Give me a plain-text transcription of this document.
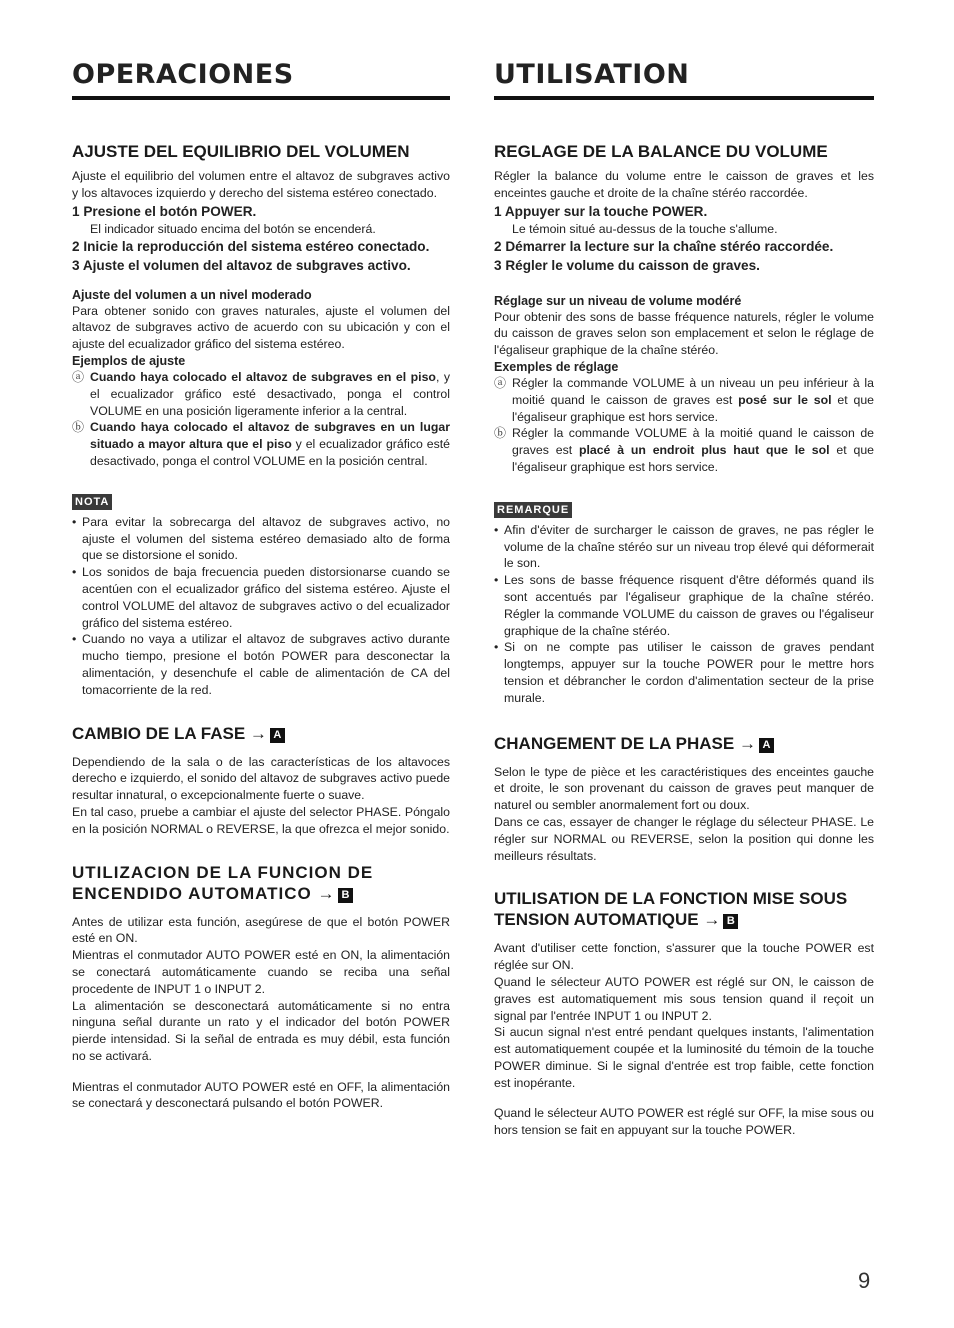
OPERACIONES
AJUSTE DEL EQUILIBRIO DEL VOLUMEN

Ajuste el equilibrio del volumen entre el altavoz de subgraves activo y los altavoces izquierdo y derecho del sistema estéreo conectado.

1 Presione el botón POWER.

El indicador situado encima del botón se encenderá.

2 Inicie la reproducción del sistema estéreo conectado.

3 Ajuste el volumen del altavoz de subgraves activo.

Ajuste del volumen a un nivel moderado

Para obtener sonido con graves naturales, ajuste el volumen del altavoz de subgraves activo de acuerdo con su ubicación y con el ajuste del ecualizador gráfico del sistema estéreo.

Ejemplos de ajuste

ⓐ Cuando haya colocado el altavoz de subgraves en el piso, y el ecualizador gráfico esté desactivado, ponga el control VOLUME en una posición ligeramente inferior a la central.

ⓑ Cuando haya colocado el altavoz de subgraves en un lugar situado a mayor altura que el piso y el ecualizador gráfico esté desactivado, ponga el control VOLUME en la posición central.

NOTA

• Para evitar la sobrecarga del altavoz de subgraves activo, no ajuste el volumen del sistema estéreo demasiado alto de forma que se distorsione el sonido.

• Los sonidos de baja frecuencia pueden distorsionarse cuando se acentúen con el ecualizador gráfico del sistema estéreo. Ajuste el control VOLUME del altavoz de subgraves activo o del ecualizador gráfico del sistema estéreo.

• Cuando no vaya a utilizar el altavoz de subgraves activo durante mucho tiempo, presione el botón POWER para desconectar la alimentación, y desenchufe el cable de alimentación de CA del tomacorriente de la red.

CAMBIO DE LA FASE → A

Dependiendo de la sala o de las características de los altavoces derecho e izquierdo, el sonido del altavoz de subgraves activo puede resultar innatural, o excepcionalmente fuerte o suave.

En tal caso, pruebe a cambiar el ajuste del selector PHASE. Póngalo en la posición NORMAL o REVERSE, la que ofrezca el mejor sonido.

UTILIZACION DE LA FUNCION DE ENCENDIDO AUTOMATICO → B

Antes de utilizar esta función, asegúrese de que el botón POWER esté en ON.

Mientras el conmutador AUTO POWER esté en ON, la alimentación se conectará automáticamente cuando se reciba una señal procedente de INPUT 1 o INPUT 2.

La alimentación se desconectará automáticamente si no entra ninguna señal durante un rato y el indicador del botón POWER pierde intensidad. Si la señal de entrada es muy débil, esta función no se activará.

Mientras el conmutador AUTO POWER esté en OFF, la alimentación se conectará y desconectará pulsando el botón POWER.

UTILISATION
REGLAGE DE LA BALANCE DU VOLUME

Régler la balance du volume entre le caisson de graves et les enceintes gauche et droite de la chaîne stéréo raccordée.

1 Appuyer sur la touche POWER.

Le témoin situé au-dessus de la touche s'allume.

2 Démarrer la lecture sur la chaîne stéréo raccordée.

3 Régler le volume du caisson de graves.

Réglage sur un niveau de volume modéré

Pour obtenir des sons de basse fréquence naturels, régler le volume du caisson de graves selon son emplacement et selon le réglage de l'égaliseur graphique de la chaîne stéréo.

Exemples de réglage

ⓐ Régler la commande VOLUME à un niveau un peu inférieur à la moitié quand le caisson de graves est posé sur le sol et que l'égaliseur graphique est hors service.

ⓑ Régler la commande VOLUME à la moitié quand le caisson de graves est placé à un endroit plus haut que le sol et que l'égaliseur graphique est hors service.

REMARQUE

• Afin d'éviter de surcharger le caisson de graves, ne pas régler le volume de la chaîne stéréo sur un niveau trop élevé qui déformerait le son.

• Les sons de basse fréquence risquent d'être déformés quand ils sont accentués par l'égaliseur graphique de la chaîne stéréo. Régler la commande VOLUME du caisson de graves ou l'égaliseur graphique de la chaîne stéréo.

• Si on ne compte pas utiliser le caisson de graves pendant longtemps, appuyer sur la touche POWER pour le mettre hors tension et débrancher le cordon d'alimentation secteur de la prise murale.

CHANGEMENT DE LA PHASE → A

Selon le type de pièce et les caractéristiques des enceintes gauche et droite, le son provenant du caisson de graves peut manquer de naturel ou sembler anormalement fort ou doux.

Dans ce cas, essayer de changer le réglage du sélecteur PHASE. Le régler sur NORMAL ou REVERSE, selon la position qui donne les meilleurs résultats.

UTILISATION DE LA FONCTION MISE SOUS TENSION AUTOMATIQUE → B

Avant d'utiliser cette fonction, s'assurer que la touche POWER est réglée sur ON.

Quand le sélecteur AUTO POWER est réglé sur ON, le caisson de graves est automatiquement mis sous tension quand il reçoit un signal par l'entrée INPUT 1 ou INPUT 2.

Si aucun signal n'est entré pendant quelques instants, l'alimentation est automatiquement coupée et la luminosité du témoin de la touche POWER diminue. Si le signal d'entrée est trop faible, cette fonction est inopérante.

Quand le sélecteur AUTO POWER est réglé sur OFF, la mise sous ou hors tension se fait en appuyant sur la touche POWER.

9
